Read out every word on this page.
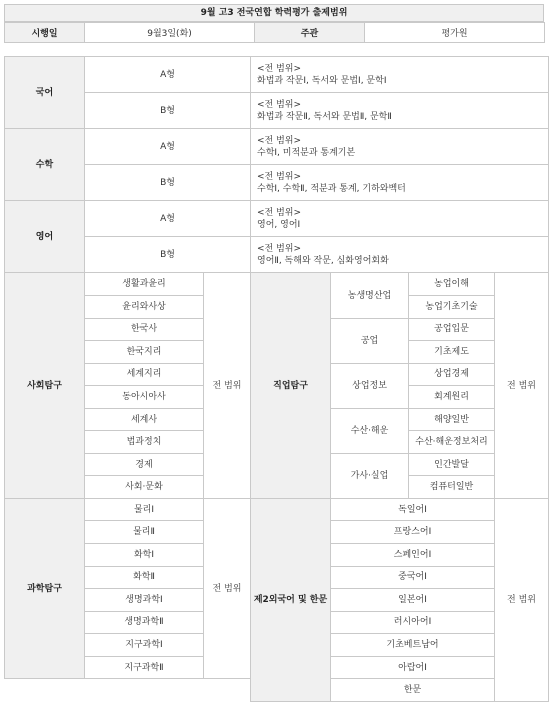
9월 고3 전국연합 학력평가 출제범위
시행일	9월3일(화)	주관	평가원
국어	A형		<전 범위>
화법과 작문Ⅰ, 독서와 문법Ⅰ, 문학Ⅰ			

	B형		<전 범위>
화법과 작문Ⅱ, 독서와 문법Ⅱ, 문학Ⅱ			

수학	A형		<전 범위>
수학Ⅰ, 미적분과 통계기본			

	B형		<전 범위>
수학Ⅰ, 수학Ⅱ, 적분과 통계, 기하와벡터			

영어	A형		<전 범위>
영어, 영어Ⅰ			

	B형		<전 범위>
영어Ⅱ, 독해와 작문, 심화영어회화			

사회탐구	생활과윤리	전 범위	직업탐구	농생명산업	농업이해	전 범위
	윤리와사상				농업기초기술	
	한국사			공업	공업입문	
	한국지리				기초제도	
	세계지리			상업정보	상업경제	
	동아시아사				회계원리	
	세계사			수산·해운	해양일반	
	법과정치				수산·해운정보처리	
	경제			가사·실업	인간발달	
	사회·문화				컴퓨터일반	
과학탐구	물리Ⅰ	전 범위	제2외국어 및 한문	독일어Ⅰ		전 범위
	물리Ⅱ			프랑스어Ⅰ		
	화학Ⅰ			스페인어Ⅰ		
	화학Ⅱ			중국어Ⅰ		
	생명과학Ⅰ			일본어Ⅰ		
	생명과학Ⅱ			러시아어Ⅰ		
	지구과학Ⅰ			기초베트남어		
	지구과학Ⅱ			아랍어Ⅰ		
				한문		
